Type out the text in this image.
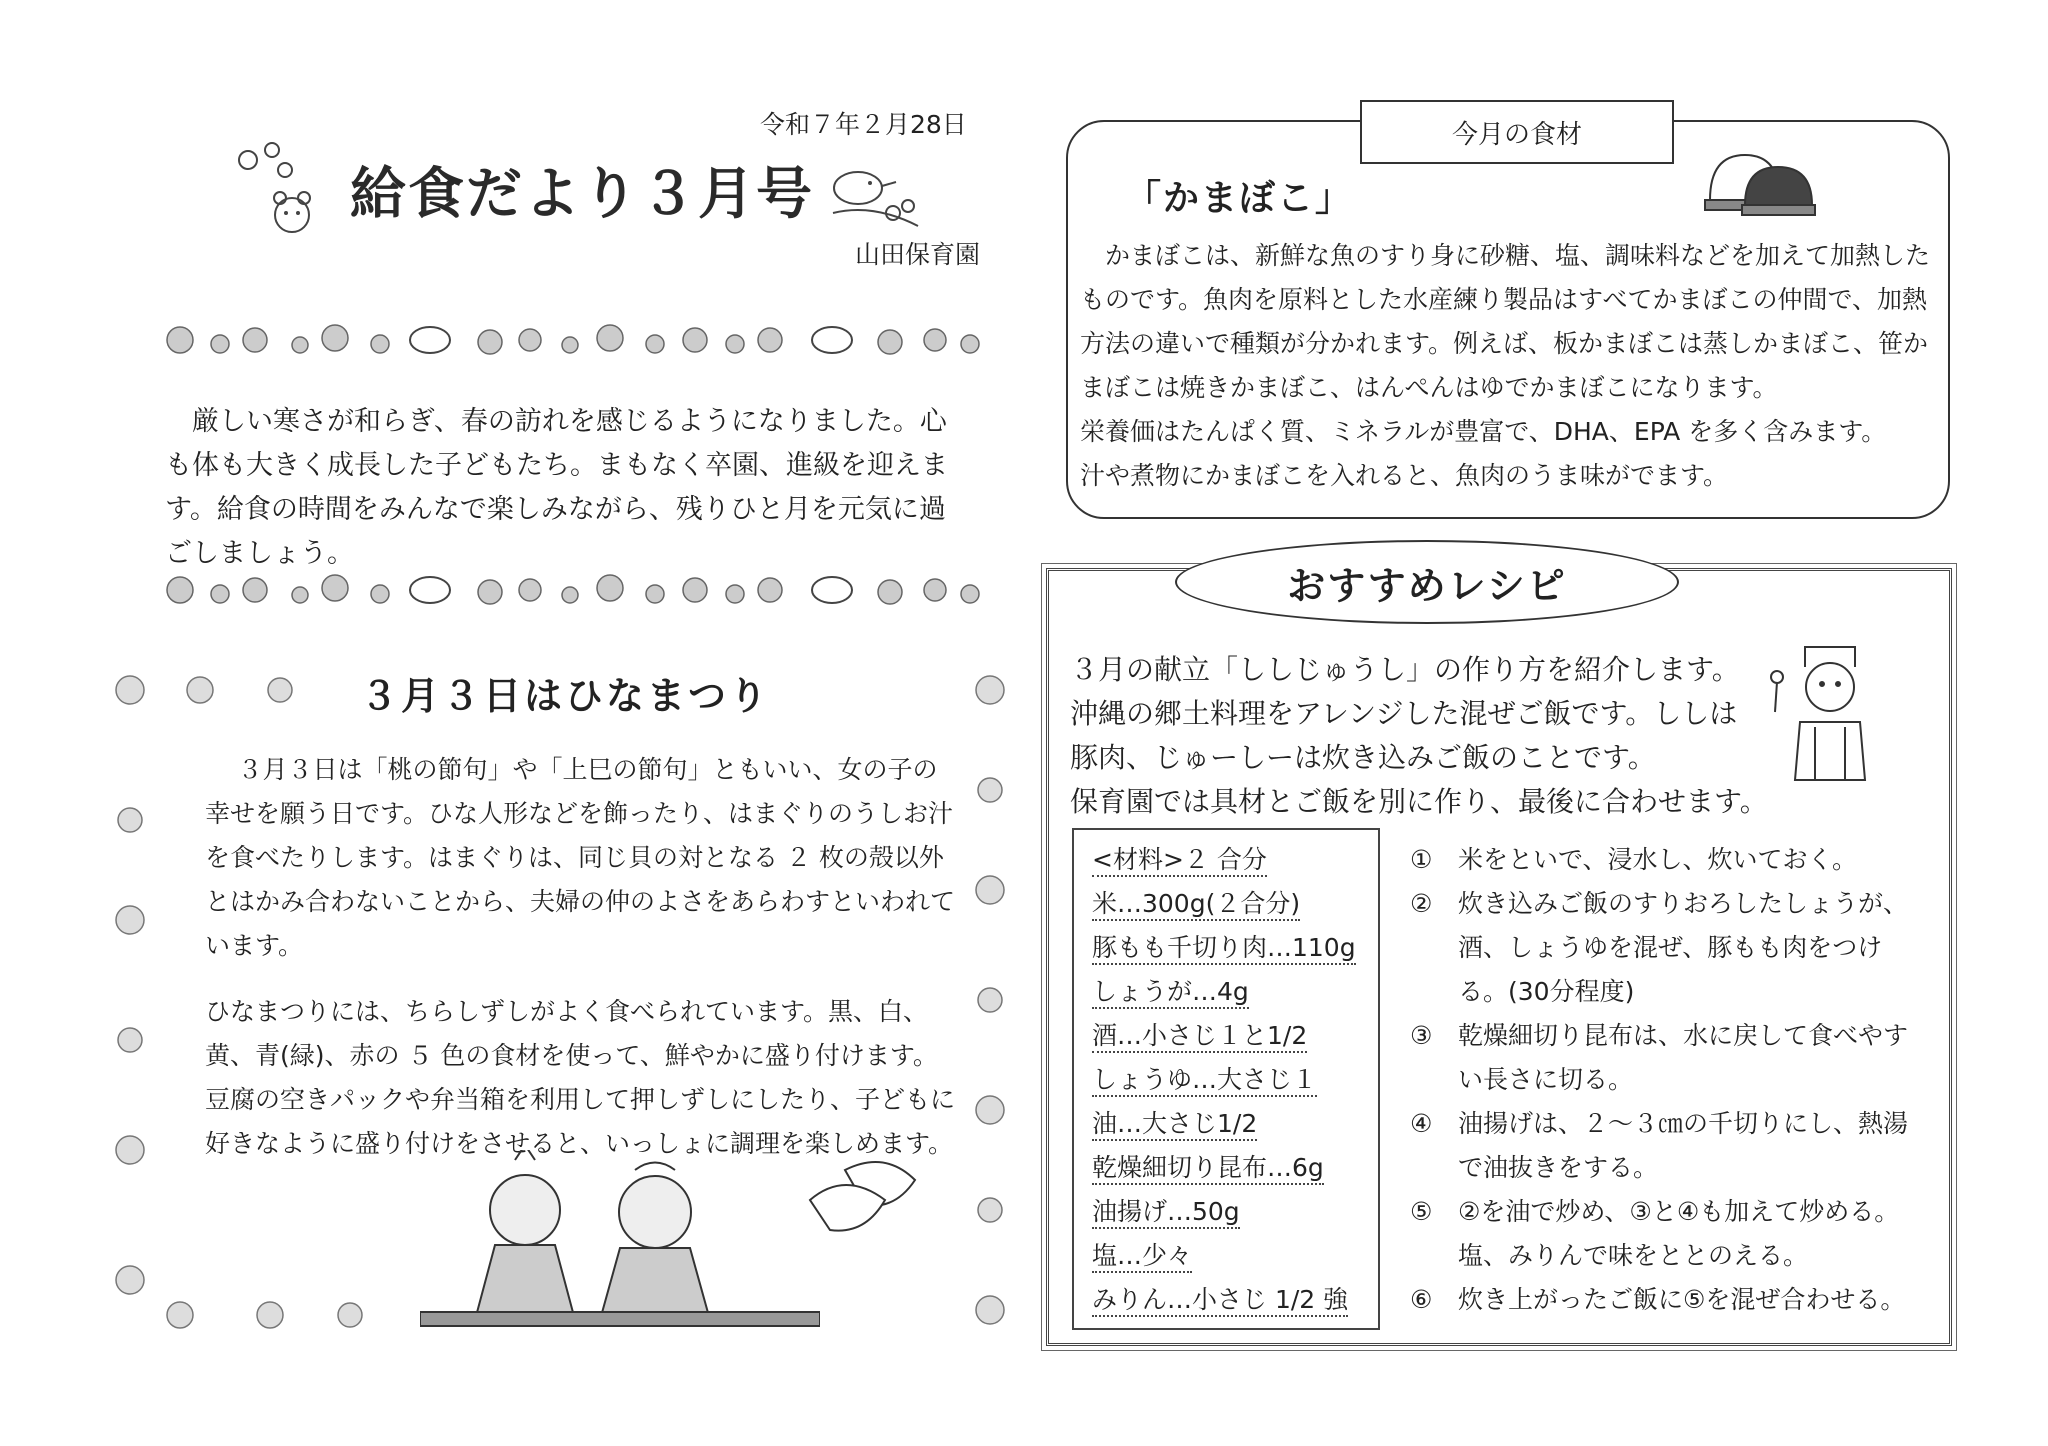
令和７年２月28日
給食だより３月号
山田保育園

厳しい寒さが和らぎ、春の訪れを感じるようになりました。心も体も大きく成長した子どもたち。まもなく卒園、進級を迎えます。給食の時間をみんなで楽しみながら、残りひと月を元気に過ごしましょう。

３月３日はひなまつり

３月３日は「桃の節句」や「上巳の節句」ともいい、女の子の幸せを願う日です。ひな人形などを飾ったり、はまぐりのうしお汁を食べたりします。はまぐりは、同じ貝の対となる ２ 枚の殻以外とはかみ合わないことから、夫婦の仲のよさをあらわすといわれています。

ひなまつりには、ちらしずしがよく食べられています。黒、白、黄、青(緑)、赤の ５ 色の食材を使って、鮮やかに盛り付けます。豆腐の空きパックや弁当箱を利用して押しずしにしたり、子どもに好きなように盛り付けをさせると、いっしょに調理を楽しめます。

今月の食材
「かまぼこ」

かまぼこは、新鮮な魚のすり身に砂糖、塩、調味料などを加えて加熱したものです。魚肉を原料とした水産練り製品はすべてかまぼこの仲間で、加熱方法の違いで種類が分かれます。例えば、板かまぼこは蒸しかまぼこ、笹かまぼこは焼きかまぼこ、はんぺんはゆでかまぼこになります。

栄養価はたんぱく質、ミネラルが豊富で、DHA、EPA を多く含みます。

汁や煮物にかまぼこを入れると、魚肉のうま味がでます。

おすすめレシピ

３月の献立「ししじゅうし」の作り方を紹介します。

沖縄の郷土料理をアレンジした混ぜご飯です。ししは

豚肉、じゅーしーは炊き込みご飯のことです。

保育園では具材とご飯を別に作り、最後に合わせます。

<材料>２ 合分
米…300g(２合分)
豚もも千切り肉…110g
しょうが…4g
酒…小さじ１と1/2
しょうゆ…大さじ１
油…大さじ1/2
乾燥細切り昆布…6g
油揚げ…50g
塩…少々
みりん…小さじ 1/2 強
①	米をといで、浸水し、炊いておく。
②	炊き込みご飯のすりおろしたしょうが、酒、しょうゆを混ぜ、豚もも肉をつける。(30分程度)
③	乾燥細切り昆布は、水に戻して食べやすい長さに切る。
④	油揚げは、２～３㎝の千切りにし、熱湯で油抜きをする。
⑤	②を油で炒め、③と④も加えて炒める。塩、みりんで味をととのえる。
⑥	炊き上がったご飯に⑤を混ぜ合わせる。
